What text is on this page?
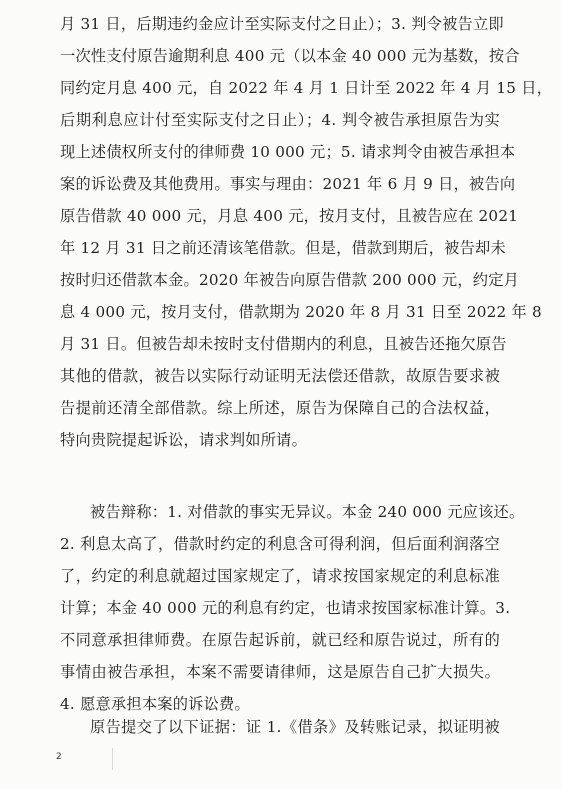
月 31 日，后期违约金应计至实际支付之日止）；3. 判令被告立即
一次性支付原告逾期利息 400 元（以本金 40 000 元为基数，按合
同约定月息 400 元，自 2022 年 4 月 1 日计至 2022 年 4 月 15 日，
后期利息应计付至实际支付之日止）；4. 判令被告承担原告为实
现上述债权所支付的律师费 10 000 元；5. 请求判令由被告承担本
案的诉讼费及其他费用。事实与理由：2021 年 6 月 9 日，被告向
原告借款 40 000 元，月息 400 元，按月支付，且被告应在 2021
年 12 月 31 日之前还清该笔借款。但是，借款到期后，被告却未
按时归还借款本金。2020 年被告向原告借款 200 000 元，约定月
息 4 000 元，按月支付，借款期为 2020 年 8 月 31 日至 2022 年 8
月 31 日。但被告却未按时支付借期内的利息，且被告还拖欠原告
其他的借款，被告以实际行动证明无法偿还借款，故原告要求被
告提前还清全部借款。综上所述，原告为保障自己的合法权益，
特向贵院提起诉讼，请求判如所请。
被告辩称：1. 对借款的事实无异议。本金 240 000 元应该还。
2. 利息太高了，借款时约定的利息含可得利润，但后面利润落空
了，约定的利息就超过国家规定了，请求按国家规定的利息标准
计算；本金 40 000 元的利息有约定，也请求按国家标准计算。3.
不同意承担律师费。在原告起诉前，就已经和原告说过，所有的
事情由被告承担，本案不需要请律师，这是原告自己扩大损失。
4. 愿意承担本案的诉讼费。
原告提交了以下证据：证 1.《借条》及转账记录，拟证明被
2
